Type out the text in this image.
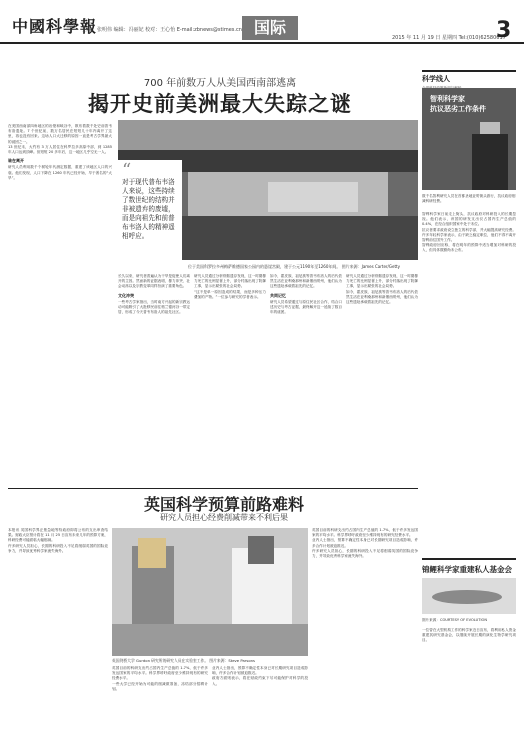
中國科學報
主编：张明伟 编辑：冯丽妃 校对：王心怡 E-mail:zbnews@stimes.cn 国际
2015 年 11 月 19 日 星期四 Tel:(010)62580617
3
700 年前数万人从美国西南部逃离
揭开史前美洲最大失踪之谜

在美国西南部四角地区的岩壁和峡谷中，散布着数千处史前普韦布洛遗址。7 个世纪前，数万名居民在短短几十年内离开了这里，再也没有回来。这场人口大迁移的原因一直是考古学界最大的谜团之一。

13 世纪末，大约有 3 万人居住在科罗拉多高原中部，到 1285 年人口达到顶峰。但短短 20 多年后，这一地区几乎空无一人。

谁在离开

研究人员利用数千个树轮年代测定数据，重建了该地区人口的兴衰。他们发现，人口下降在 1260 年代已经开始，早于著名的“大旱”。	“
对于现代普布韦洛人来说，这些持续了数世纪的结构并非被遗弃的废墟，而是向祖先和前普布韦洛人的精神遥相呼应。
位于美国科罗拉多州梅萨维德国家公园内的悬崖宫殿，建于公元1190年至1260年间。 图片来源：James Carter/Getty

长久以来，研究者普遍认为干旱是促使人们离开的主因。然而新的证据表明，暴力冲突、社会动荡以及宗教变革同样扮演了重要角色。

文化冲突

一些考古学家指出，当时南方兴起的新宗教运动可能吸引了大批移民前往格兰德河谷一带定居，形成了今天普韦布洛人的祖先社区。

研究人员通过分析骨骼遗存发现，这一时期暴力死亡的比例显著上升，部分村落出现了防御工事，显示出紧张的社会局势。

“这不是单一原因造成的结果，而是多种压力叠加的产物。”一位参与研究的学者表示。

如今，霍皮族、祖尼族等普韦布洛人的后代依然生活在亚利桑那州和新墨西哥州，他们认为这些遗址承载着祖先的记忆。

共同记忆

研究人员希望通过与原住民社区合作，结合口述历史与考古证据，最终解开这一延续了数百年的谜团。

研究人员通过分析骨骼遗存发现，这一时期暴力死亡的比例显著上升，部分村落出现了防御工事，显示出紧张的社会局势。

如今，霍皮族、祖尼族等普韦布洛人的后代依然生活在亚利桑那州和新墨西哥州，他们认为这些遗址承载着祖先的记忆。

英国科学预算前路难料
研究人员担心经费削减带来不利后果

本报讯 英国科学界正焦急地等待政府即将公布的支出审查结果。财政大臣预计将在 11 月 25 日宣布未来几年的预算方案，科研经费可能面临大幅削减。

许多研究人员担心，长期的科研投入不足将削弱英国的国际竞争力，并导致优秀科学家流失海外。

英国剑桥大学 Gurdon 研究所的研究人员在实验室工作。 图片来源：Steve Parsons

英国目前的科研支出约占国内生产总值的 1.7%，低于许多发达国家的平均水平。科学界呼吁政府至少维持现有的研究经费水平。

一些大学已经开始为可能的削减做准备，冻结部分招聘计划。

业内人士指出，预算不确定性本身已对长期研究项目造成影响，许多合作计划被迫推迟。

政府方面则表示，将在财政约束下尽可能保护对科学的投入。

英国目前的科研支出约占国内生产总值的 1.7%，低于许多发达国家的平均水平。科学界呼吁政府至少维持现有的研究经费水平。

业内人士指出，预算不确定性本身已对长期研究项目造成影响，许多合作计划被迫推迟。

许多研究人员担心，长期的科研投入不足将削弱英国的国际竞争力，并导致优秀科学家流失海外。

科学线人
智利科学家
抗议恶劣工作条件
数千名智利研究人员在首都圣地亚哥街头游行，抗议政府削减科研经费。

智利科学家日前走上街头，抗议政府对科研投入的长期忽视。他们表示，该国的研发支出仅占国内生产总值的 0.4%，在经合组织国家中处于末位。

抗议者要求政府设立独立的科学部，并大幅提高研究经费。许多年轻科学家表示，由于缺乏稳定职位，他们不得不离开智利前往国外工作。

智利政府回应称，将在明年的预算中适当增加对科研的投入，但具体数额尚未公布。

锦鲤科学家重建私人基金会
图片来源：COURTESY OF EVOLUTION

一位曾在大型机构工作的科学家近日宣布，将利用私人资金重建其研究基金会，以继续开展长期的演化生物学研究项目。
